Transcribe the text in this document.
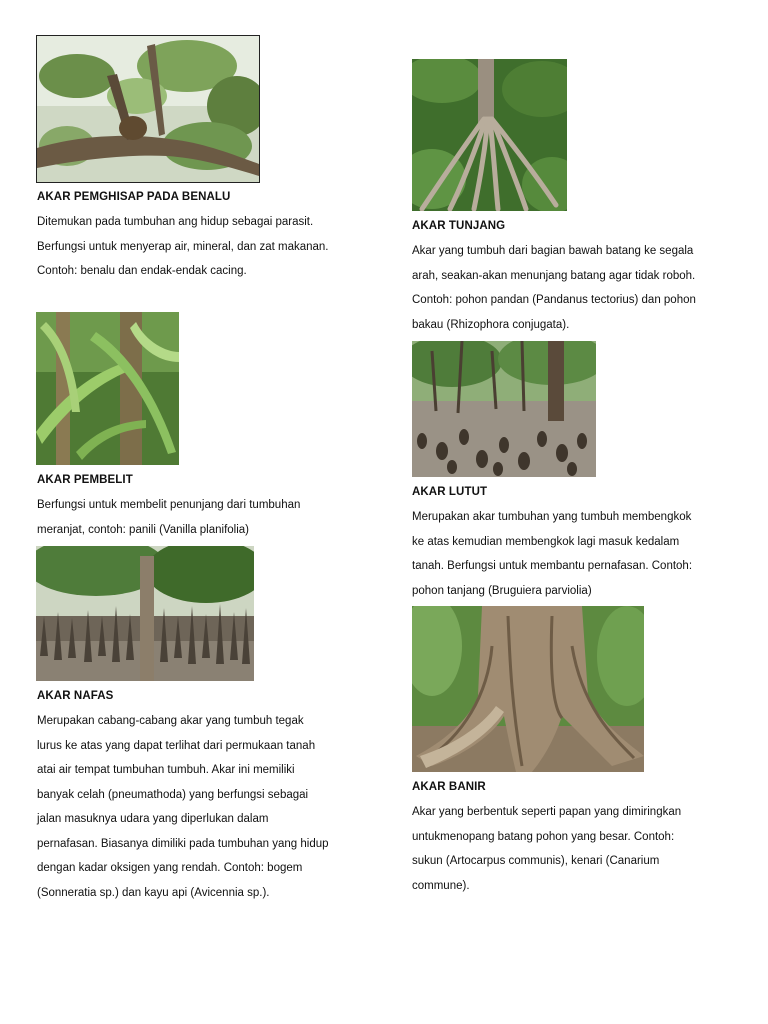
AKAR PEMGHISAP PADA BENALU
Ditemukan pada tumbuhan ang hidup sebagai parasit.
Berfungsi untuk menyerap air, mineral, dan zat makanan.
Contoh: benalu dan endak-endak cacing.
AKAR PEMBELIT
Berfungsi untuk membelit penunjang dari tumbuhan
meranjat, contoh: panili (Vanilla planifolia)
AKAR NAFAS
Merupakan cabang-cabang akar yang tumbuh tegak
lurus ke atas yang dapat terlihat dari permukaan tanah
atai air tempat tumbuhan tumbuh. Akar ini memiliki
banyak celah (pneumathoda) yang berfungsi sebagai
jalan masuknya udara yang diperlukan dalam
pernafasan. Biasanya dimiliki pada tumbuhan yang hidup
dengan kadar oksigen yang rendah. Contoh: bogem
(Sonneratia sp.) dan kayu api (Avicennia sp.).
AKAR TUNJANG
Akar yang tumbuh dari bagian bawah batang ke segala
arah, seakan-akan menunjang batang agar tidak roboh.
Contoh: pohon pandan (Pandanus tectorius) dan pohon
bakau (Rhizophora conjugata).
AKAR LUTUT
Merupakan akar tumbuhan yang tumbuh membengkok
ke atas kemudian membengkok lagi masuk kedalam
tanah. Berfungsi untuk membantu pernafasan. Contoh:
pohon tanjang (Bruguiera parviolia)
AKAR BANIR
Akar yang berbentuk seperti papan yang dimiringkan
untukmenopang batang pohon yang besar. Contoh:
sukun (Artocarpus communis), kenari (Canarium
commune).
